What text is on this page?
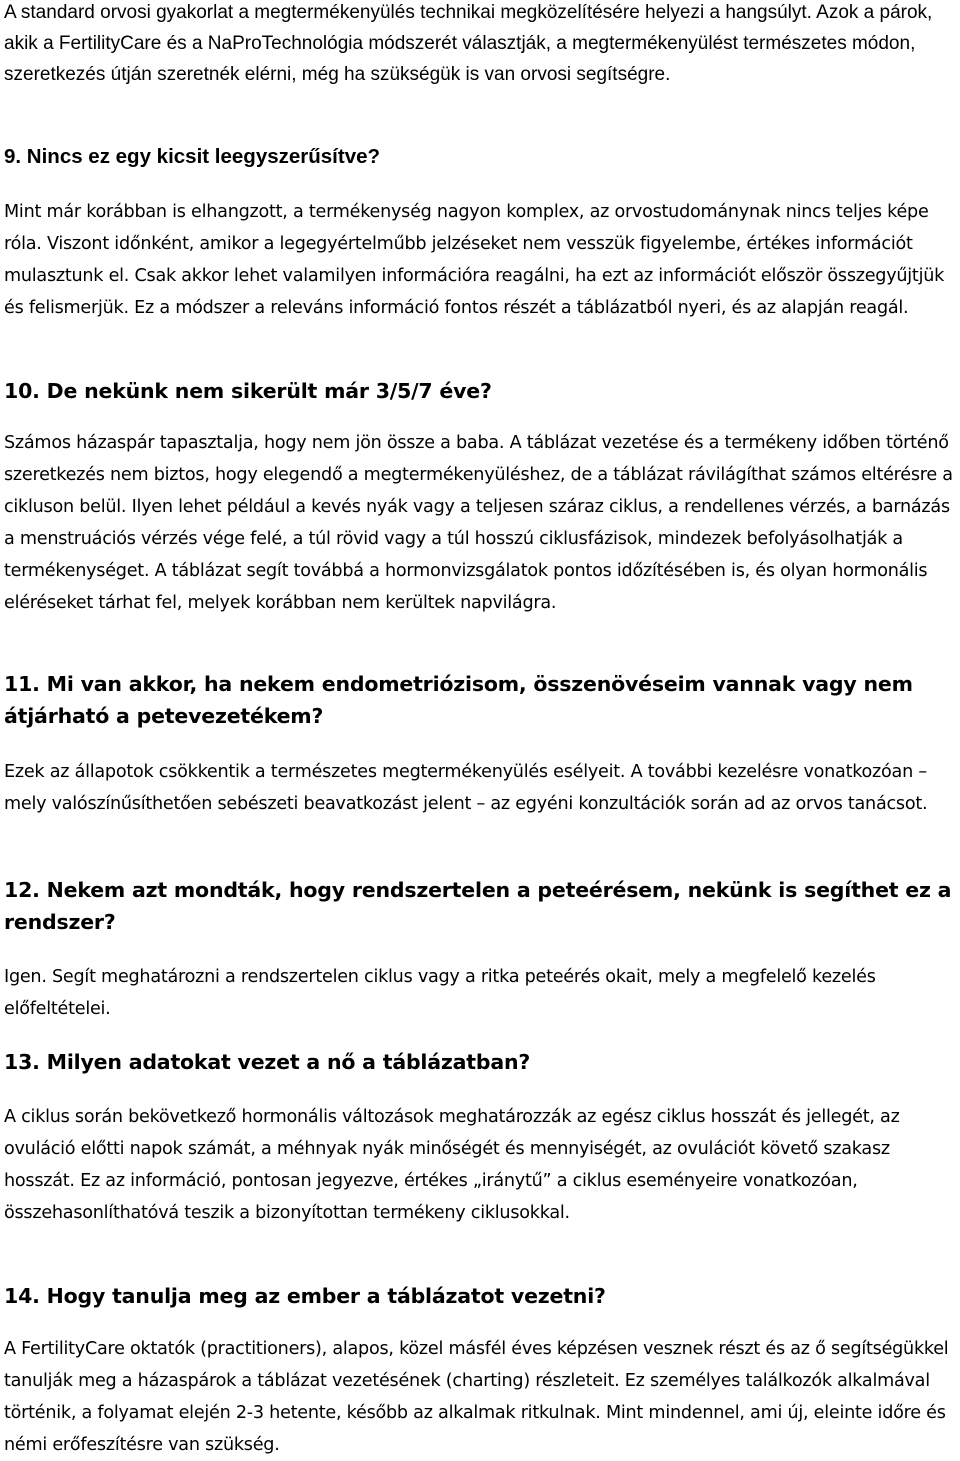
A standard orvosi gyakorlat a megtermékenyülés technikai megközelítésére helyezi a hangsúlyt. Azok a párok, akik a FertilityCare és a NaProTechnológia módszerét választják, a megtermékenyülést természetes módon, szeretkezés útján szeretnék elérni, még ha szükségük is van orvosi segítségre.

9. Nincs ez egy kicsit leegyszerűsítve?

Mint már korábban is elhangzott, a termékenység nagyon komplex, az orvostudománynak nincs teljes képe róla. Viszont időnként, amikor a legegyértelműbb jelzéseket nem vesszük figyelembe, értékes információt mulasztunk el. Csak akkor lehet valamilyen információra reagálni, ha ezt az információt először összegyűjtjük és felismerjük. Ez a módszer a releváns információ fontos részét a táblázatból nyeri, és az alapján reagál.

10. De nekünk nem sikerült már 3/5/7 éve?

Számos házaspár tapasztalja, hogy nem jön össze a baba. A táblázat vezetése és a termékeny időben történő szeretkezés nem biztos, hogy elegendő a megtermékenyüléshez, de a táblázat rávilágíthat számos eltérésre a cikluson belül. Ilyen lehet például a kevés nyák vagy a teljesen száraz ciklus, a rendellenes vérzés, a barnázás a menstruációs vérzés vége felé, a túl rövid vagy a túl hosszú ciklusfázisok, mindezek befolyásolhatják a termékenységet. A táblázat segít továbbá a hormonvizsgálatok pontos időzítésében is, és olyan hormonális eléréseket tárhat fel, melyek korábban nem kerültek napvilágra.

11. Mi van akkor, ha nekem endometriózisom, összenövéseim vannak vagy nem átjárható a petevezetékem?

Ezek az állapotok csökkentik a természetes megtermékenyülés esélyeit. A további kezelésre vonatkozóan – mely valószínűsíthetően sebészeti beavatkozást jelent – az egyéni konzultációk során ad az orvos tanácsot.

12. Nekem azt mondták, hogy rendszertelen a peteérésem, nekünk is segíthet ez a rendszer?

Igen. Segít meghatározni a rendszertelen ciklus vagy a ritka peteérés okait, mely a megfelelő kezelés előfeltételei.

13. Milyen adatokat vezet a nő a táblázatban?

A ciklus során bekövetkező hormonális változások meghatározzák az egész ciklus hosszát és jellegét, az ovuláció előtti napok számát, a méhnyak nyák minőségét és mennyiségét, az ovulációt követő szakasz hosszát. Ez az információ, pontosan jegyezve, értékes „iránytű” a ciklus eseményeire vonatkozóan, összehasonlíthatóvá teszik a bizonyítottan termékeny ciklusokkal.

14. Hogy tanulja meg az ember a táblázatot vezetni?

A FertilityCare oktatók (practitioners), alapos, közel másfél éves képzésen vesznek részt és az ő segítségükkel tanulják meg a házaspárok a táblázat vezetésének (charting) részleteit. Ez személyes találkozók alkalmával történik, a folyamat elején 2-3 hetente, később az alkalmak ritkulnak. Mint mindennel, ami új, eleinte időre és némi erőfeszítésre van szükség.
